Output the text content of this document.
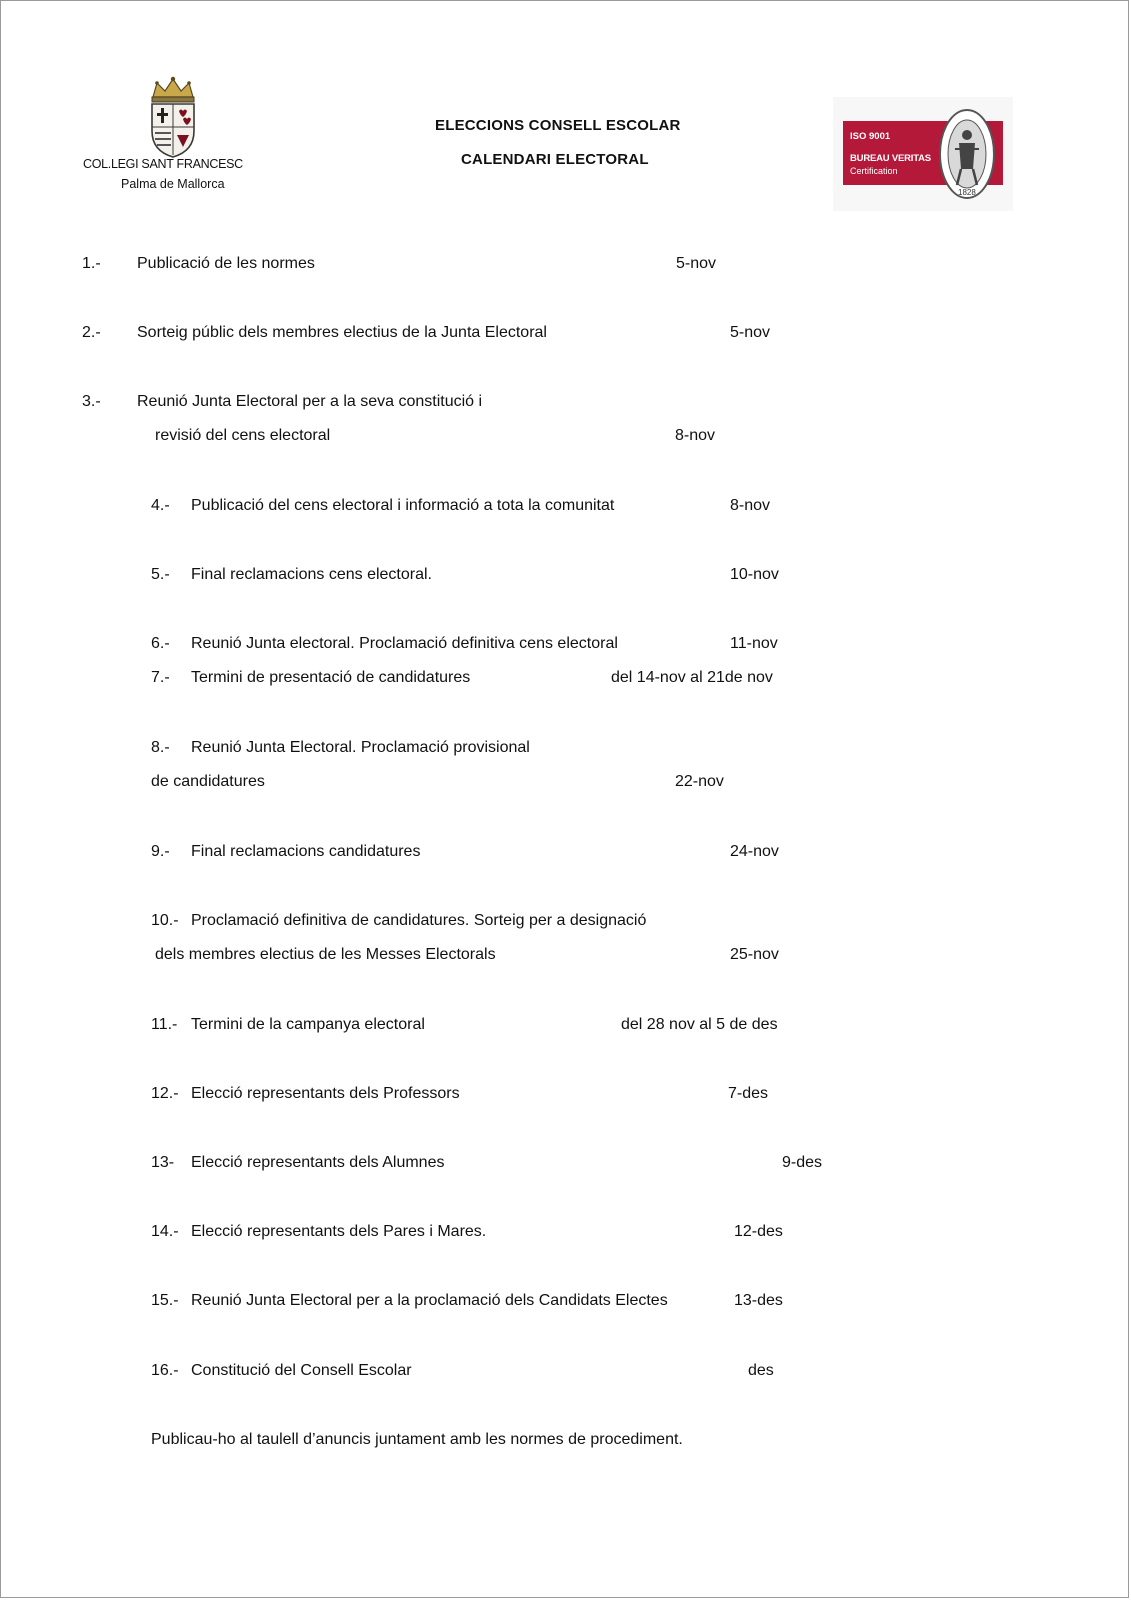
COL.LEGI SANT FRANCESC
Palma de Mallorca
ELECCIONS CONSELL ESCOLAR
CALENDARI ELECTORAL
ISO 9001
BUREAU VERITAS
Certification
1828
1.- Publicació de les normes	5-nov
2.- Sorteig públic dels membres electius de la Junta Electoral	5-nov
3.- Reunió Junta Electoral per a la seva constitució i
revisió del cens electoral	8-nov
4.- Publicació del cens electoral i informació a tota la comunitat	8-nov
5.- Final reclamacions cens electoral.	10-nov
6.- Reunió Junta electoral. Proclamació definitiva cens electoral	11-nov
7.- Termini de presentació de candidatures	del 14-nov al 21de nov
8.- Reunió Junta Electoral. Proclamació provisional
de candidatures	22-nov
9.- Final reclamacions candidatures	24-nov
10.- Proclamació definitiva de candidatures. Sorteig per a designació
dels membres electius de les Messes Electorals	25-nov
11.- Termini de la campanya electoral	del 28 nov al 5 de des
12.- Elecció representants dels Professors	7-des
13- Elecció representants dels Alumnes	9-des
14.- Elecció representants dels Pares i Mares.	12-des
15.- Reunió Junta Electoral per a la proclamació dels Candidats Electes	13-des
16.- Constitució del Consell Escolar	des
Publicau-ho al taulell d’anuncis juntament amb les normes de procediment.
